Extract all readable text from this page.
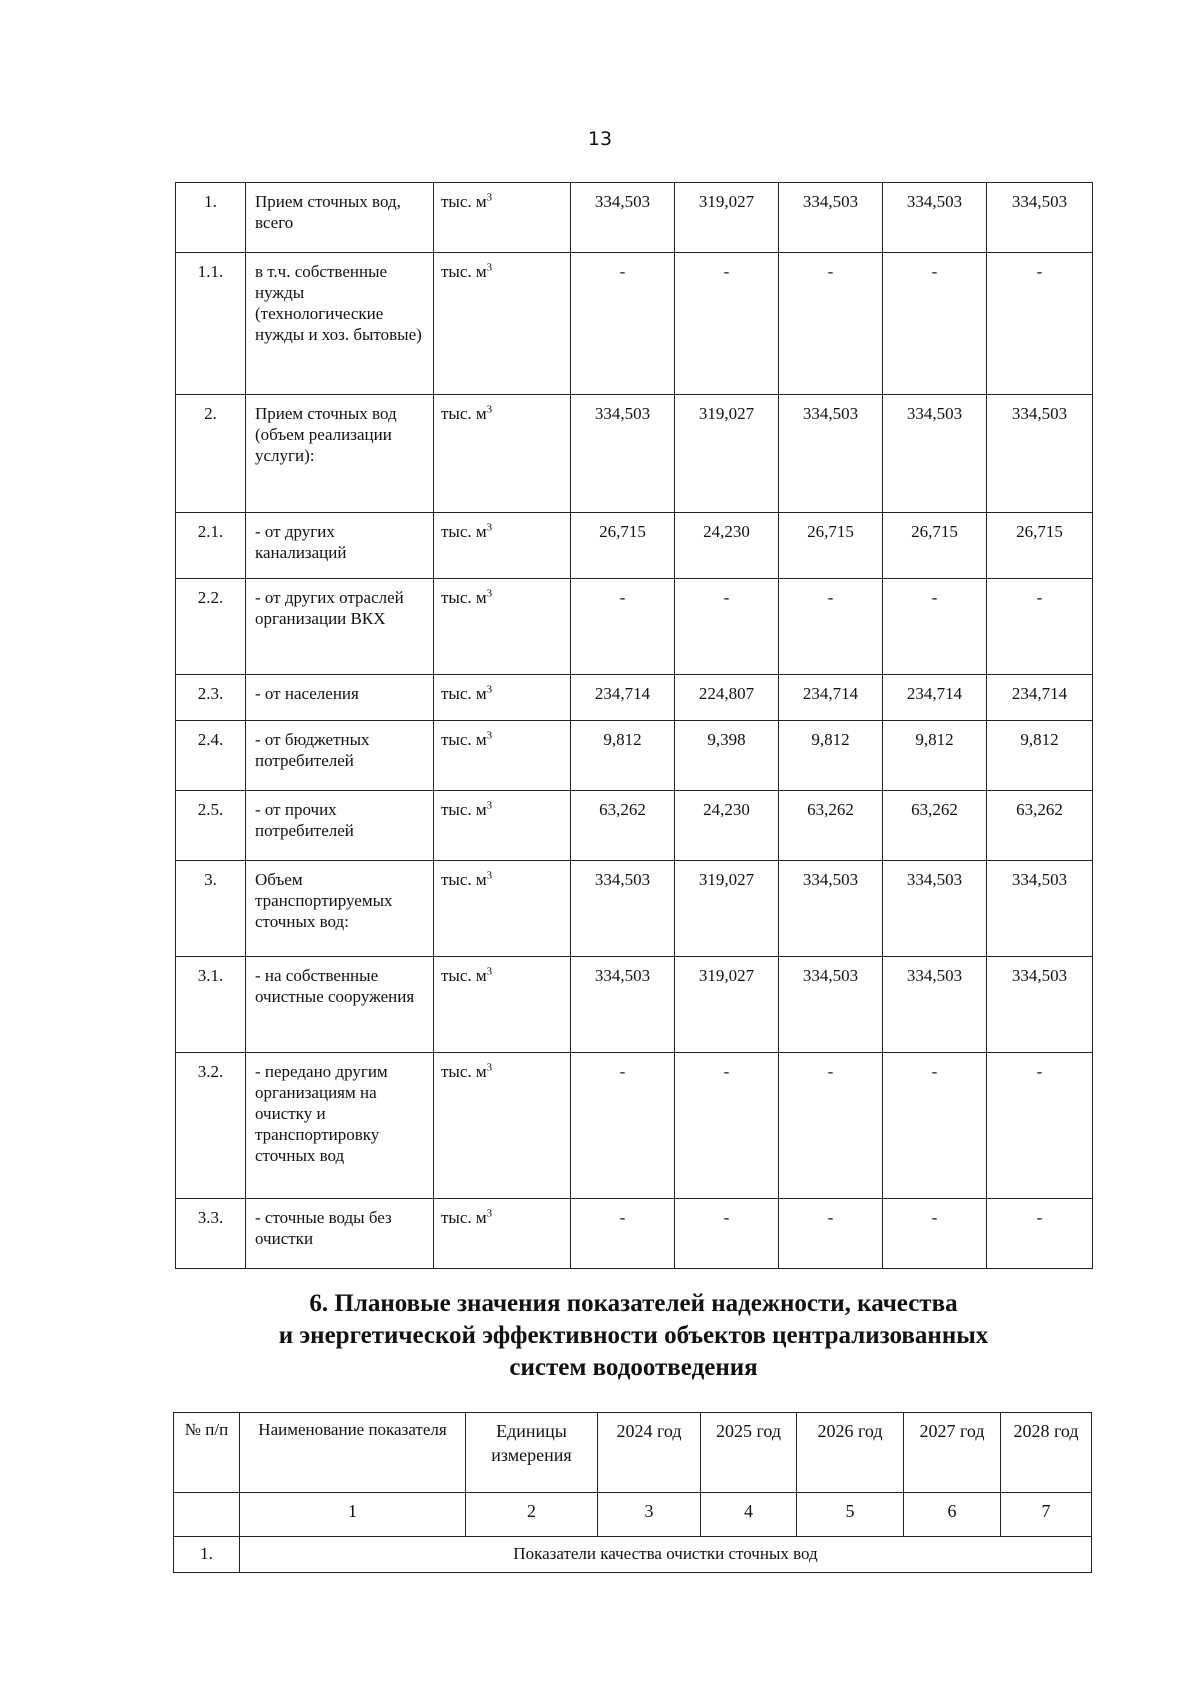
13
1.	Прием сточных вод, всего	тыс. $м^3$	334,503	319,027	334,503	334,503	334,503
1.1.	в т.ч. собственные нужды (технологические нужды и хоз. бытовые)	тыс. $м^3$	-	-	-	-	-
2.	Прием сточных вод (объем реализации услуги):	тыс. $м^3$	334,503	319,027	334,503	334,503	334,503
2.1.	- от других канализаций	тыс. $м^3$	26,715	24,230	26,715	26,715	26,715
2.2.	- от других отраслей организации ВКХ	тыс. $м^3$	-	-	-	-	-
2.3.	- от населения	тыс. $м^3$	234,714	224,807	234,714	234,714	234,714
2.4.	- от бюджетных потребителей	тыс. $м^3$	9,812	9,398	9,812	9,812	9,812
2.5.	- от прочих потребителей	тыс. $м^3$	63,262	24,230	63,262	63,262	63,262
3.	Объем транспортируемых сточных вод:	тыс. $м^3$	334,503	319,027	334,503	334,503	334,503
3.1.	- на собственные очистные сооружения	тыс. $м^3$	334,503	319,027	334,503	334,503	334,503
3.2.	- передано другим организациям на очистку и транспортировку сточных вод	тыс. $м^3$	-	-	-	-	-
3.3.	- сточные воды без очистки	тыс. $м^3$	-	-	-	-	-
6. Плановые значения показателей надежности, качества
и энергетической эффективности объектов централизованных
систем водоотведения
№ п/п	Наименование показателя	Единицы измерения	2024 год	2025 год	2026 год	2027 год	2028 год
	1	2	3	4	5	6	7
1.	Показатели качества очистки сточных вод						
